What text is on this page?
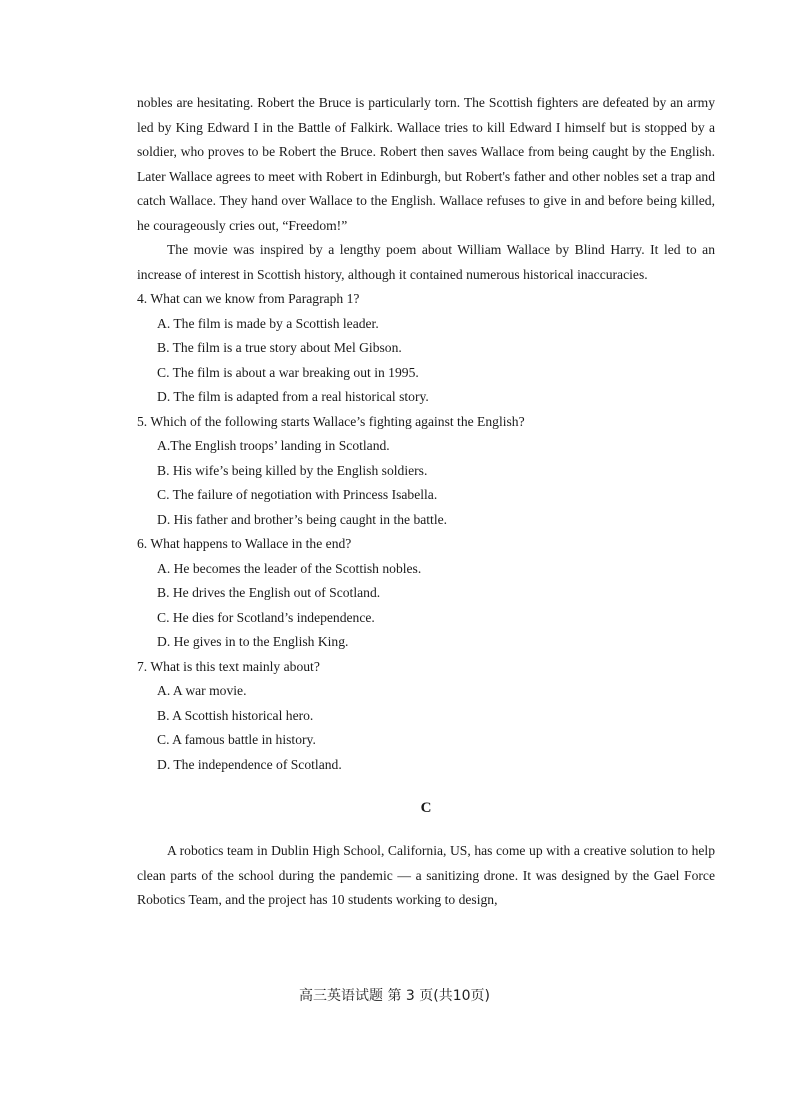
nobles are hesitating. Robert the Bruce is particularly torn. The Scottish fighters are defeated by an army led by King Edward I in the Battle of Falkirk. Wallace tries to kill Edward I himself but is stopped by a soldier, who proves to be Robert the Bruce. Robert then saves Wallace from being caught by the English. Later Wallace agrees to meet with Robert in Edinburgh, but Robert's father and other nobles set a trap and catch Wallace. They hand over Wallace to the English. Wallace refuses to give in and before being killed, he courageously cries out, “Freedom!”

The movie was inspired by a lengthy poem about William Wallace by Blind Harry. It led to an increase of interest in Scottish history, although it contained numerous historical inaccuracies.

4. What can we know from Paragraph 1?

A. The film is made by a Scottish leader.

B. The film is a true story about Mel Gibson.

C. The film is about a war breaking out in 1995.

D. The film is adapted from a real historical story.

5. Which of the following starts Wallace’s fighting against the English?

A.The English troops’ landing in Scotland.

B. His wife’s being killed by the English soldiers.

C. The failure of negotiation with Princess Isabella.

D. His father and brother’s being caught in the battle.

6. What happens to Wallace in the end?

A. He becomes the leader of the Scottish nobles.

B. He drives the English out of Scotland.

C. He dies for Scotland’s independence.

D. He gives in to the English King.

7. What is this text mainly about?

A. A war movie.

B. A Scottish historical hero.

C. A famous battle in history.

D. The independence of Scotland.

C

A robotics team in Dublin High School, California, US, has come up with a creative solution to help clean parts of the school during the pandemic — a sanitizing drone. It was designed by the Gael Force Robotics Team, and the project has 10 students working to design,

高三英语试题 第 3 页(共10页)
